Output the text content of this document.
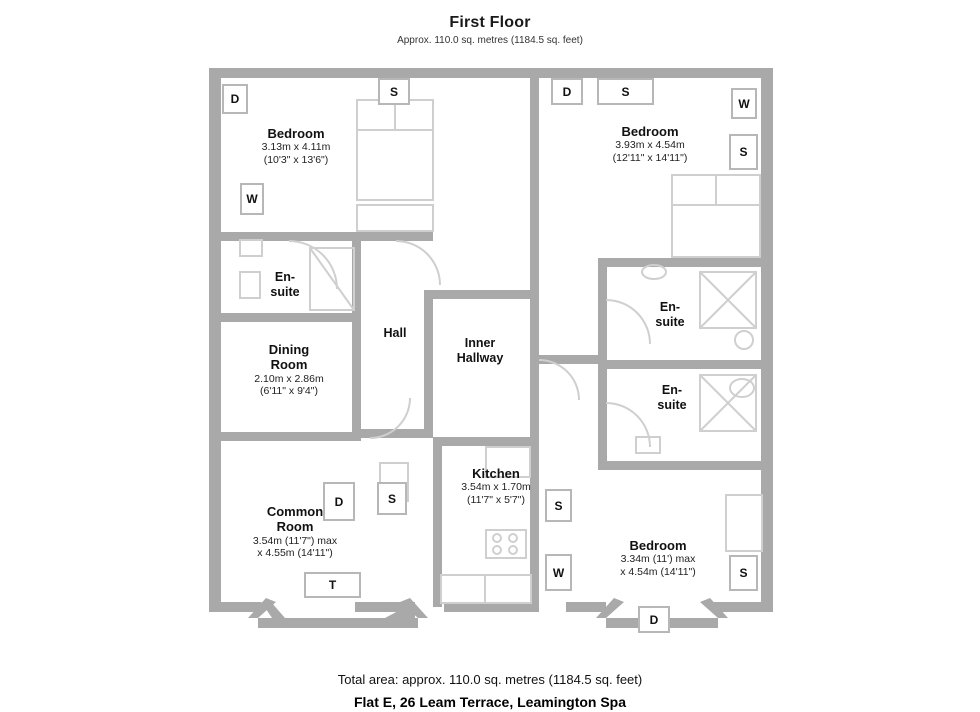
First Floor
Approx. 110.0 sq. metres (1184.5 sq. feet)
Bedroom
3.13m x 4.11m
(10'3" x 13'6")
Bedroom
3.93m x 4.54m
(12'11" x 14'11")
En-
suite
Hall
Inner
Hallway
Dining
Room
2.10m x 2.86m
(6'11" x 9'4")
En-
suite
En-
suite
Kitchen
3.54m x 1.70m
(11'7" x 5'7")
Common
Room
3.54m (11'7") max
x 4.55m (14'11")
Bedroom
3.34m (11') max
x 4.54m (14'11")
D
S
W
D	S
W
S
D	S
T
S
W	S
D
Total area: approx. 110.0 sq. metres (1184.5 sq. feet)
Flat E, 26 Leam Terrace, Leamington Spa
